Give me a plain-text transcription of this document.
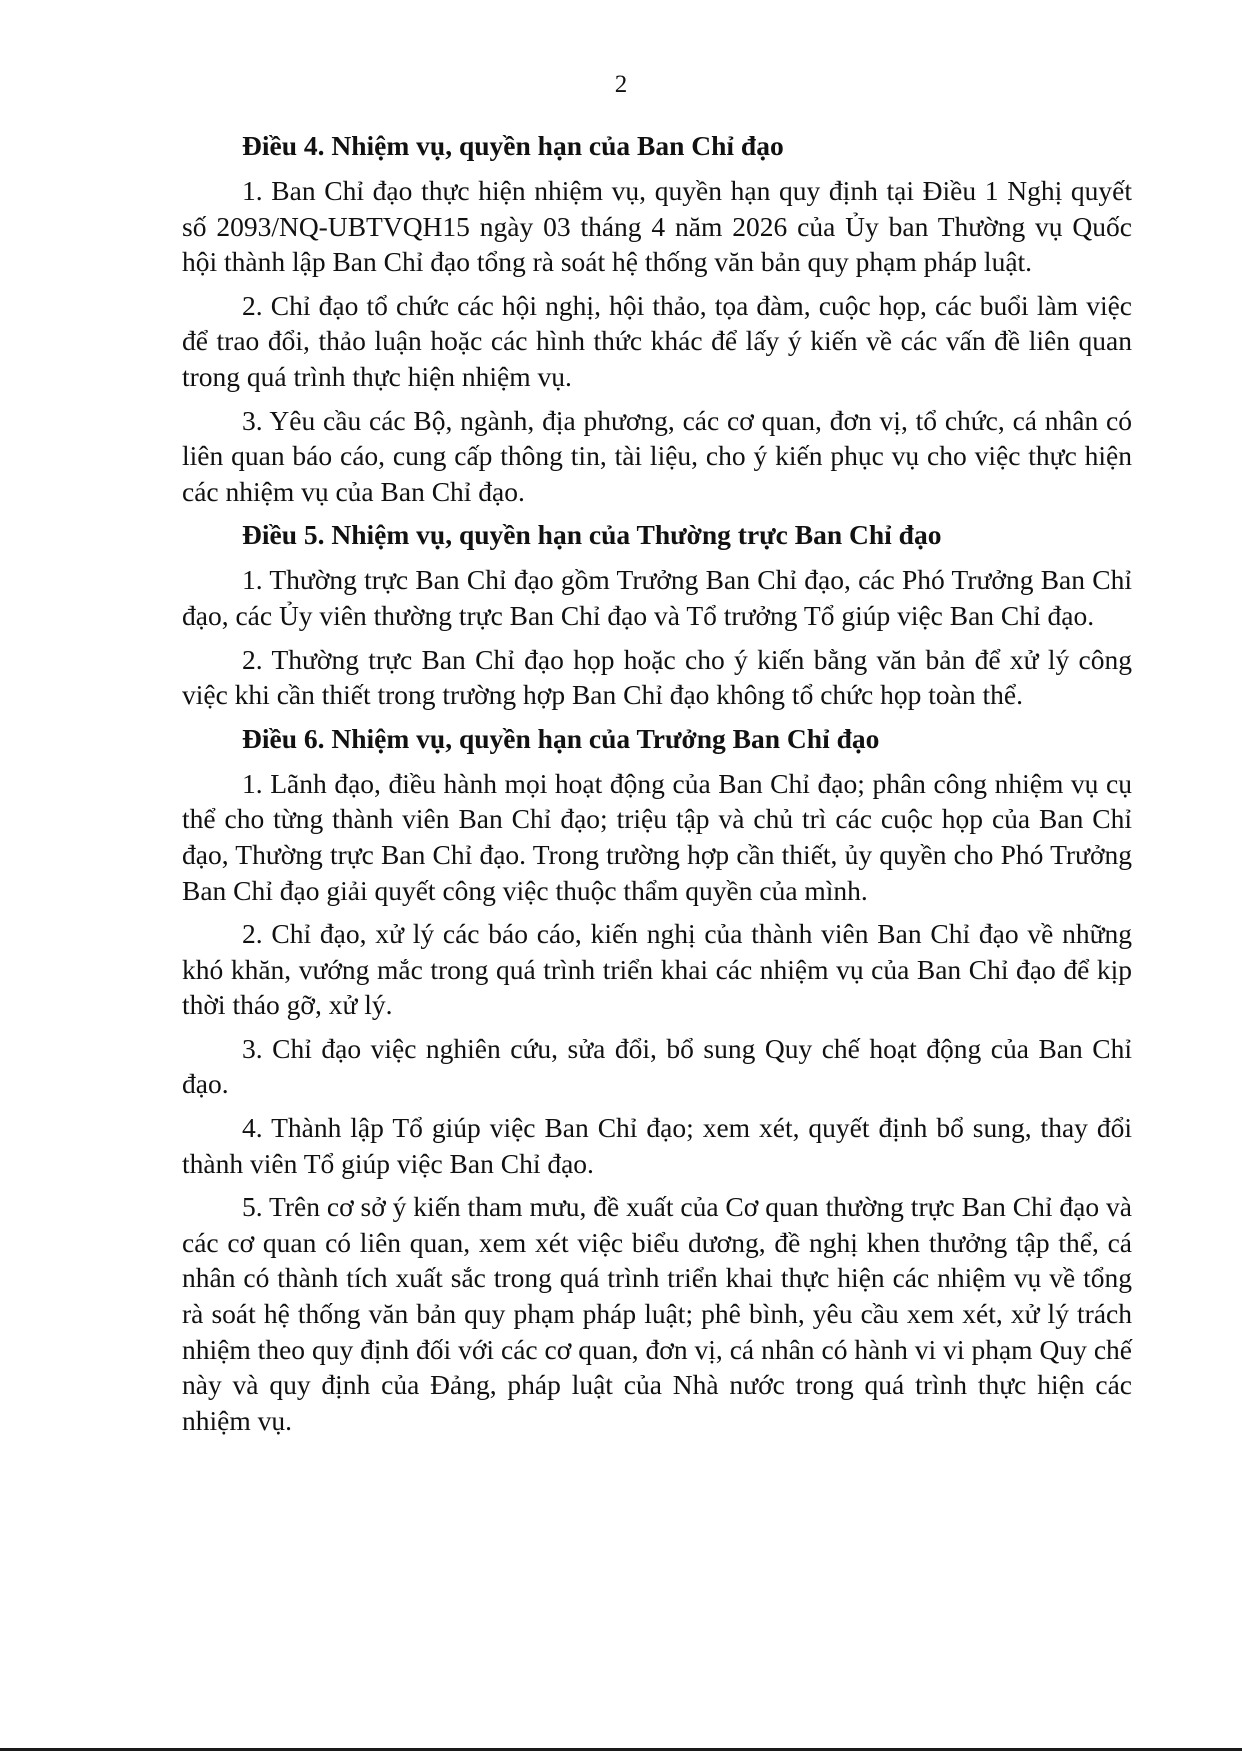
2

Điều 4. Nhiệm vụ, quyền hạn của Ban Chỉ đạo

1. Ban Chỉ đạo thực hiện nhiệm vụ, quyền hạn quy định tại Điều 1 Nghị quyết số 2093/NQ-UBTVQH15 ngày 03 tháng 4 năm 2026 của Ủy ban Thường vụ Quốc hội thành lập Ban Chỉ đạo tổng rà soát hệ thống văn bản quy phạm pháp luật.

2. Chỉ đạo tổ chức các hội nghị, hội thảo, tọa đàm, cuộc họp, các buổi làm việc để trao đổi, thảo luận hoặc các hình thức khác để lấy ý kiến về các vấn đề liên quan trong quá trình thực hiện nhiệm vụ.

3. Yêu cầu các Bộ, ngành, địa phương, các cơ quan, đơn vị, tổ chức, cá nhân có liên quan báo cáo, cung cấp thông tin, tài liệu, cho ý kiến phục vụ cho việc thực hiện các nhiệm vụ của Ban Chỉ đạo.

Điều 5. Nhiệm vụ, quyền hạn của Thường trực Ban Chỉ đạo

1. Thường trực Ban Chỉ đạo gồm Trưởng Ban Chỉ đạo, các Phó Trưởng Ban Chỉ đạo, các Ủy viên thường trực Ban Chỉ đạo và Tổ trưởng Tổ giúp việc Ban Chỉ đạo.

2. Thường trực Ban Chỉ đạo họp hoặc cho ý kiến bằng văn bản để xử lý công việc khi cần thiết trong trường hợp Ban Chỉ đạo không tổ chức họp toàn thể.

Điều 6. Nhiệm vụ, quyền hạn của Trưởng Ban Chỉ đạo

1. Lãnh đạo, điều hành mọi hoạt động của Ban Chỉ đạo; phân công nhiệm vụ cụ thể cho từng thành viên Ban Chỉ đạo; triệu tập và chủ trì các cuộc họp của Ban Chỉ đạo, Thường trực Ban Chỉ đạo. Trong trường hợp cần thiết, ủy quyền cho Phó Trưởng Ban Chỉ đạo giải quyết công việc thuộc thẩm quyền của mình.

2. Chỉ đạo, xử lý các báo cáo, kiến nghị của thành viên Ban Chỉ đạo về những khó khăn, vướng mắc trong quá trình triển khai các nhiệm vụ của Ban Chỉ đạo để kịp thời tháo gỡ, xử lý.

3. Chỉ đạo việc nghiên cứu, sửa đổi, bổ sung Quy chế hoạt động của Ban Chỉ đạo.

4. Thành lập Tổ giúp việc Ban Chỉ đạo; xem xét, quyết định bổ sung, thay đổi thành viên Tổ giúp việc Ban Chỉ đạo.

5. Trên cơ sở ý kiến tham mưu, đề xuất của Cơ quan thường trực Ban Chỉ đạo và các cơ quan có liên quan, xem xét việc biểu dương, đề nghị khen thưởng tập thể, cá nhân có thành tích xuất sắc trong quá trình triển khai thực hiện các nhiệm vụ về tổng rà soát hệ thống văn bản quy phạm pháp luật; phê bình, yêu cầu xem xét, xử lý trách nhiệm theo quy định đối với các cơ quan, đơn vị, cá nhân có hành vi vi phạm Quy chế này và quy định của Đảng, pháp luật của Nhà nước trong quá trình thực hiện các nhiệm vụ.
